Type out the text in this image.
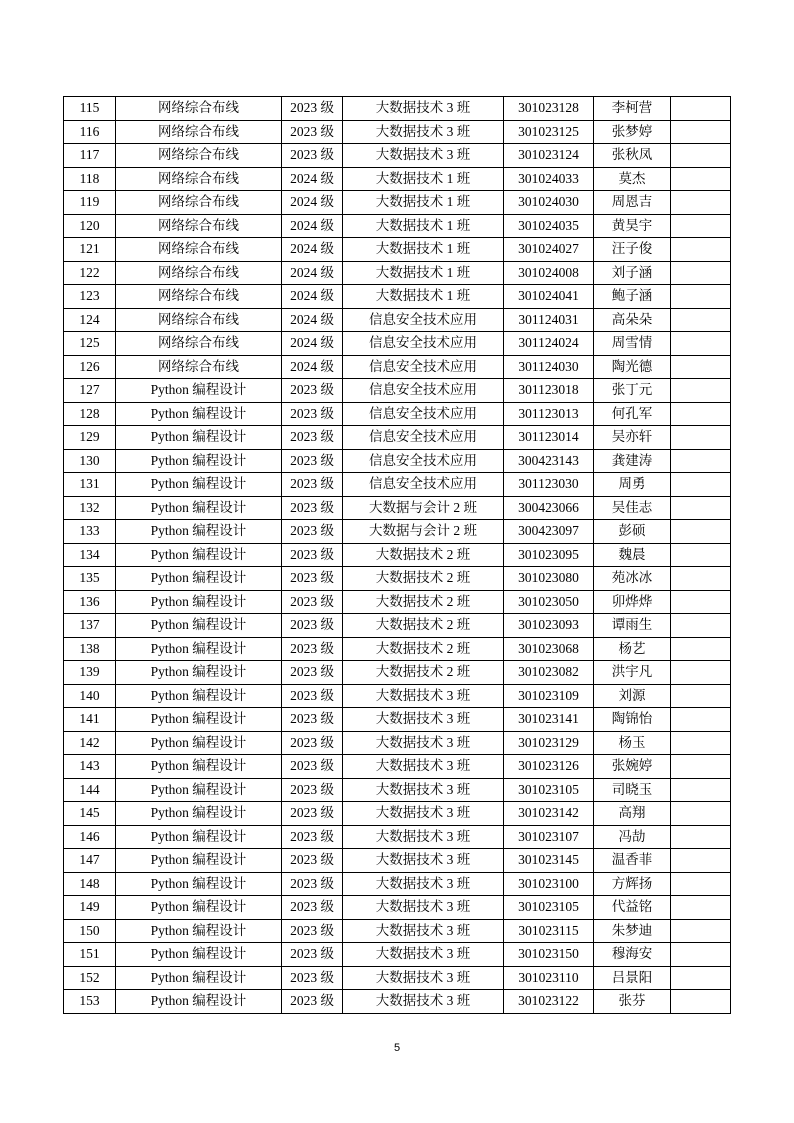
115	网络综合布线	2023 级	大数据技术 3 班	301023128	李柯营	
116	网络综合布线	2023 级	大数据技术 3 班	301023125	张梦婷	
117	网络综合布线	2023 级	大数据技术 3 班	301023124	张秋凤	
118	网络综合布线	2024 级	大数据技术 1 班	301024033	莫杰	
119	网络综合布线	2024 级	大数据技术 1 班	301024030	周恩吉	
120	网络综合布线	2024 级	大数据技术 1 班	301024035	黄昊宇	
121	网络综合布线	2024 级	大数据技术 1 班	301024027	汪子俊	
122	网络综合布线	2024 级	大数据技术 1 班	301024008	刘子涵	
123	网络综合布线	2024 级	大数据技术 1 班	301024041	鲍子涵	
124	网络综合布线	2024 级	信息安全技术应用	301124031	高朵朵	
125	网络综合布线	2024 级	信息安全技术应用	301124024	周雪情	
126	网络综合布线	2024 级	信息安全技术应用	301124030	陶光德	
127	Python 编程设计	2023 级	信息安全技术应用	301123018	张丁元	
128	Python 编程设计	2023 级	信息安全技术应用	301123013	何孔军	
129	Python 编程设计	2023 级	信息安全技术应用	301123014	吴亦轩	
130	Python 编程设计	2023 级	信息安全技术应用	300423143	龚建涛	
131	Python 编程设计	2023 级	信息安全技术应用	301123030	周勇	
132	Python 编程设计	2023 级	大数据与会计 2 班	300423066	吴佳志	
133	Python 编程设计	2023 级	大数据与会计 2 班	300423097	彭硕	
134	Python 编程设计	2023 级	大数据技术 2 班	301023095	魏晨	
135	Python 编程设计	2023 级	大数据技术 2 班	301023080	苑冰冰	
136	Python 编程设计	2023 级	大数据技术 2 班	301023050	卯烨烨	
137	Python 编程设计	2023 级	大数据技术 2 班	301023093	谭雨生	
138	Python 编程设计	2023 级	大数据技术 2 班	301023068	杨艺	
139	Python 编程设计	2023 级	大数据技术 2 班	301023082	洪宇凡	
140	Python 编程设计	2023 级	大数据技术 3 班	301023109	刘源	
141	Python 编程设计	2023 级	大数据技术 3 班	301023141	陶锦怡	
142	Python 编程设计	2023 级	大数据技术 3 班	301023129	杨玉	
143	Python 编程设计	2023 级	大数据技术 3 班	301023126	张婉婷	
144	Python 编程设计	2023 级	大数据技术 3 班	301023105	司晓玉	
145	Python 编程设计	2023 级	大数据技术 3 班	301023142	高翔	
146	Python 编程设计	2023 级	大数据技术 3 班	301023107	冯劼	
147	Python 编程设计	2023 级	大数据技术 3 班	301023145	温香菲	
148	Python 编程设计	2023 级	大数据技术 3 班	301023100	方辉扬	
149	Python 编程设计	2023 级	大数据技术 3 班	301023105	代益铭	
150	Python 编程设计	2023 级	大数据技术 3 班	301023115	朱梦迪	
151	Python 编程设计	2023 级	大数据技术 3 班	301023150	穆海安	
152	Python 编程设计	2023 级	大数据技术 3 班	301023110	吕景阳	
153	Python 编程设计	2023 级	大数据技术 3 班	301023122	张芬	
5
